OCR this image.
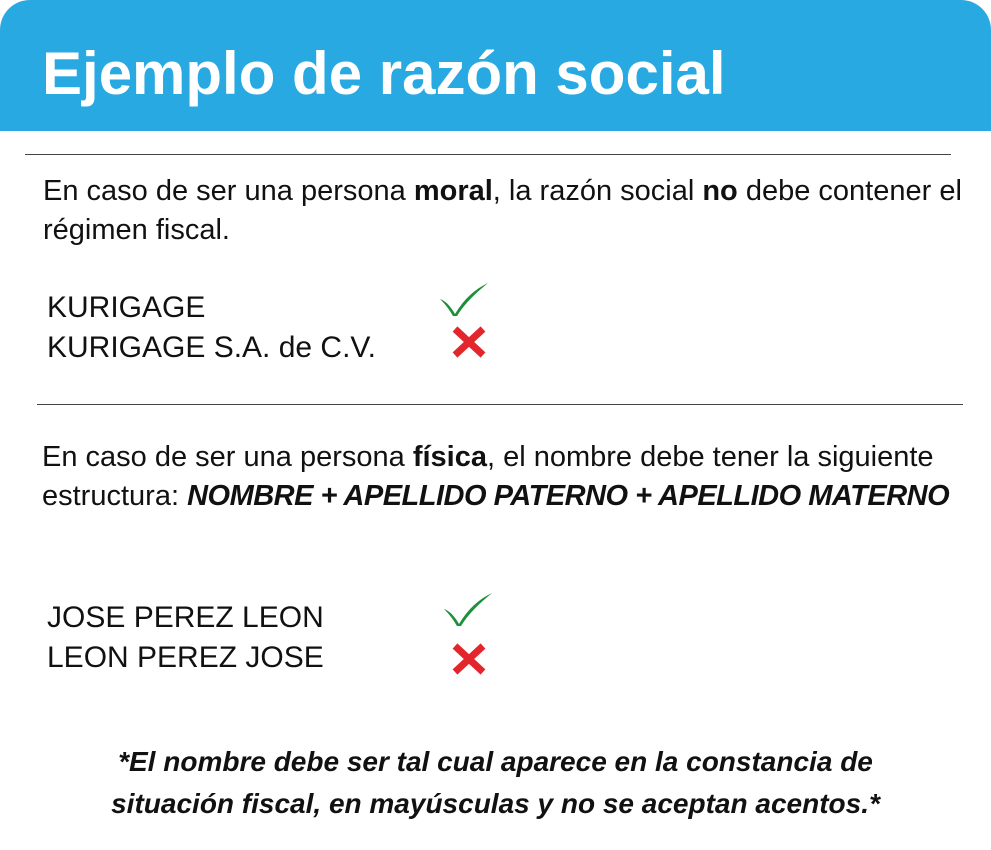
Ejemplo de razón social
En caso de ser una persona moral, la razón social no debe contener el régimen fiscal.
KURIGAGE
KURIGAGE S.A. de C.V.
En caso de ser una persona física, el nombre debe tener la siguiente estructura: NOMBRE + APELLIDO PATERNO + APELLIDO MATERNO
JOSE PEREZ LEON
LEON PEREZ JOSE
*El nombre debe ser tal cual aparece en la constancia de situación fiscal, en mayúsculas y no se aceptan acentos.*
